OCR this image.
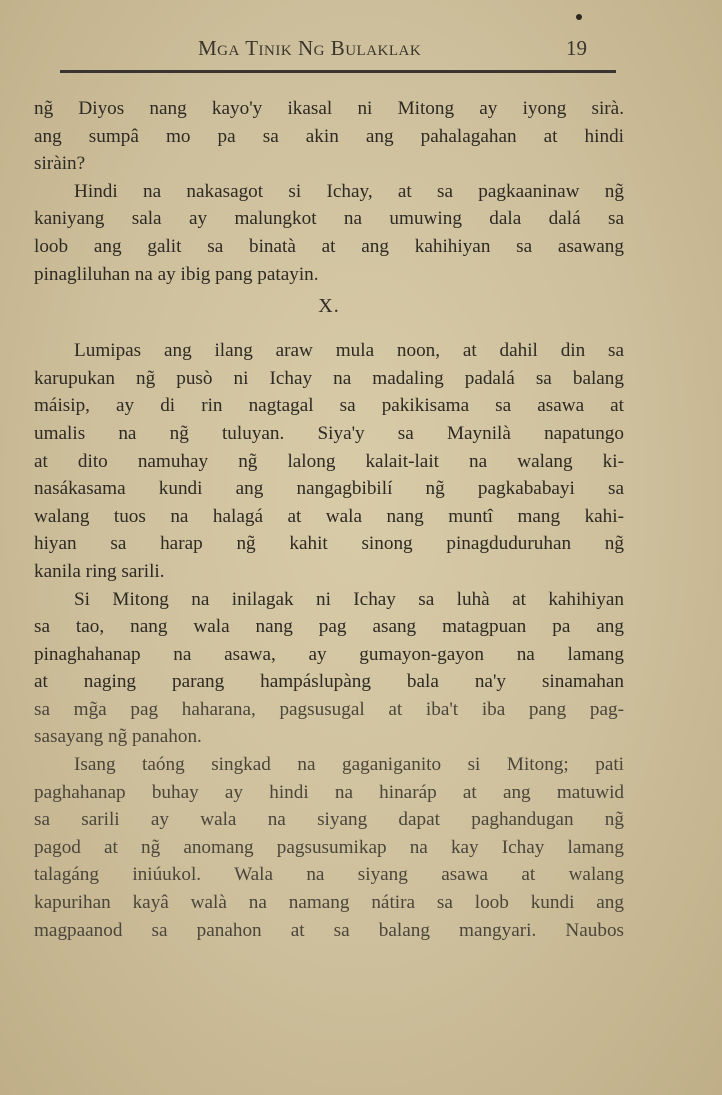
Mga Tinik Ng Bulaklak	19
ng̃ Diyos nang kayo'y ikasal ni Mitong ay iyong sirà.
ang sumpâ mo pa sa akin ang pahalagahan at hindi
siràin?
Hindi na nakasagot si Ichay, at sa pagkaaninaw ng̃
kaniyang sala ay malungkot na umuwing dala dalá sa
loob ang galit sa binatà at ang kahihiyan sa asawang
pinagliluhan na ay ibig pang patayin.
X.
Lumipas ang ilang araw mula noon, at dahil din sa
karupukan ng̃ pusò ni Ichay na madaling padalá sa balang
máisip, ay di rin nagtagal sa pakikisama sa asawa at
umalis na ng̃ tuluyan. Siya'y sa Maynilà napatungo
at dito namuhay ng̃ lalong kalait-lait na walang ki-
nasákasama kundi ang nangagbibilí ng̃ pagkababayi sa
walang tuos na halagá at wala nang muntî mang kahi-
hiyan sa harap ng̃ kahit sinong pinagduduruhan ng̃
kanila ring sarili.
Si Mitong na inilagak ni Ichay sa luhà at kahihiyan
sa tao, nang wala nang pag asang matagpuan pa ang
pinaghahanap na asawa, ay gumayon-gayon na lamang
at naging parang hampáslupàng bala na'y sinamahan
sa mg̃a pag haharana, pagsusugal at iba't iba pang pag-
sasayang ng̃ panahon.
Isang taóng singkad na gaganiganito si Mitong; pati
paghahanap buhay ay hindi na hinaráp at ang matuwid
sa sarili ay wala na siyang dapat paghandugan ng̃
pagod at ng̃ anomang pagsusumikap na kay Ichay lamang
talagáng iniúukol. Wala na siyang asawa at walang
kapurihan kayâ walà na namang nátira sa loob kundi ang
magpaanod sa panahon at sa balang mangyari. Naubos
